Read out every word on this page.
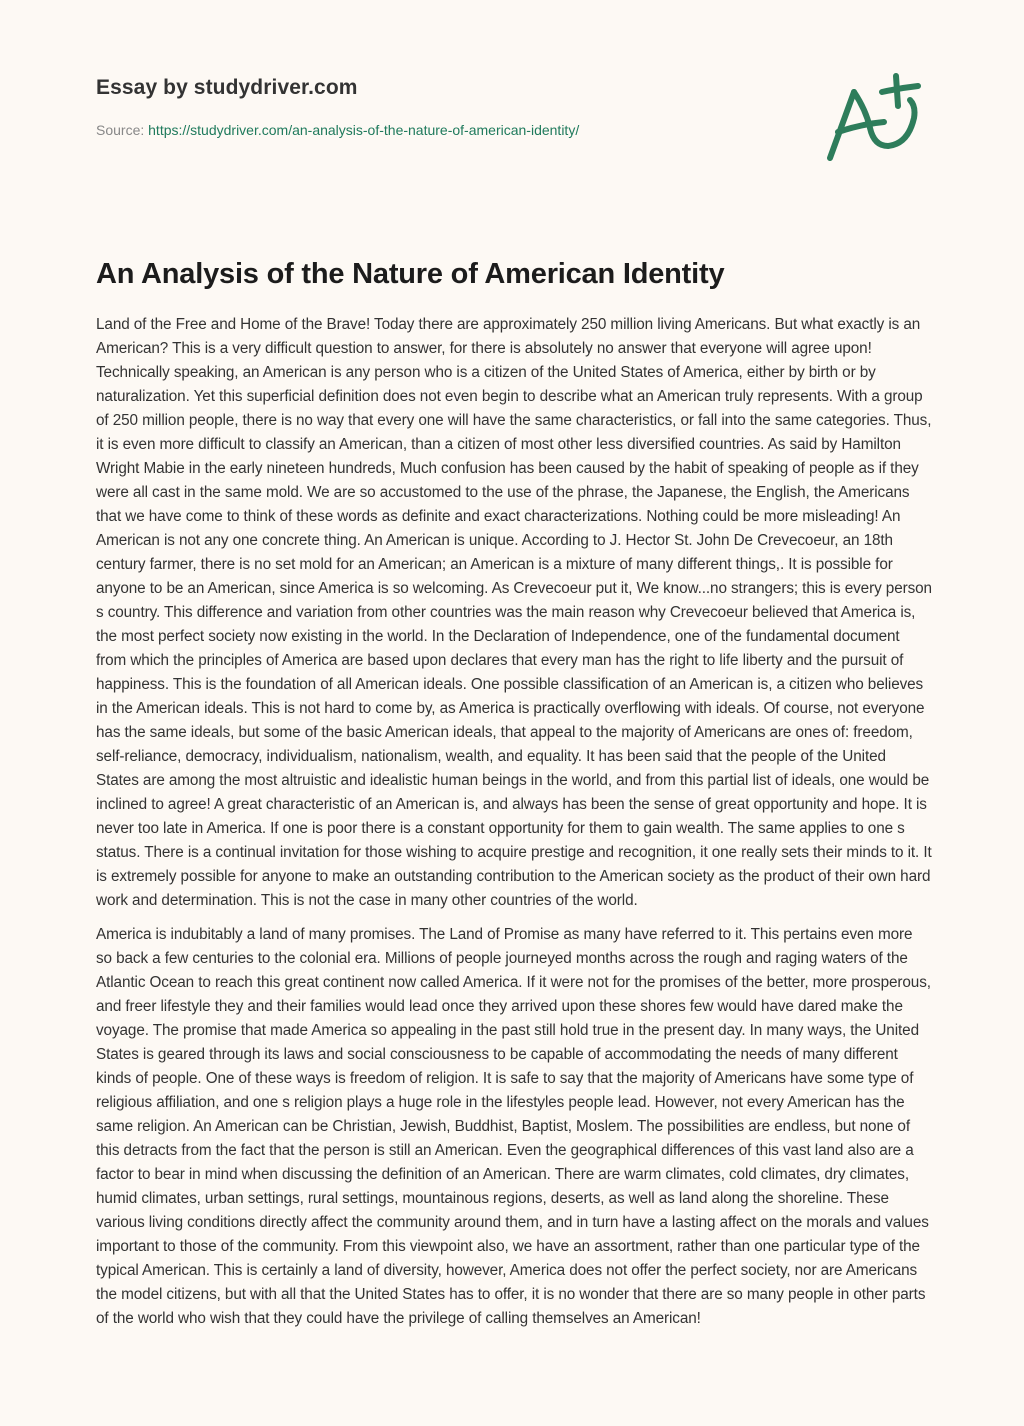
Essay by studydriver.com
Source: https://studydriver.com/an-analysis-of-the-nature-of-american-identity/
An Analysis of the Nature of American Identity

Land of the Free and Home of the Brave! Today there are approximately 250 million living Americans. But what exactly is an American? This is a very difficult question to answer, for there is absolutely no answer that everyone will agree upon! Technically speaking, an American is any person who is a citizen of the United States of America, either by birth or by naturalization. Yet this superficial definition does not even begin to describe what an American truly represents. With a group of 250 million people, there is no way that every one will have the same characteristics, or fall into the same categories. Thus, it is even more difficult to classify an American, than a citizen of most other less diversified countries. As said by Hamilton Wright Mabie in the early nineteen hundreds, Much confusion has been caused by the habit of speaking of people as if they were all cast in the same mold. We are so accustomed to the use of the phrase, the Japanese, the English, the Americans that we have come to think of these words as definite and exact characterizations. Nothing could be more misleading! An American is not any one concrete thing. An American is unique. According to J. Hector St. John De Crevecoeur, an 18th century farmer, there is no set mold for an American; an American is a mixture of many different things,. It is possible for anyone to be an American, since America is so welcoming. As Crevecoeur put it, We know...no strangers; this is every person s country. This difference and variation from other countries was the main reason why Crevecoeur believed that America is, the most perfect society now existing in the world. In the Declaration of Independence, one of the fundamental document from which the principles of America are based upon declares that every man has the right to life liberty and the pursuit of happiness. This is the foundation of all American ideals. One possible classification of an American is, a citizen who believes in the American ideals. This is not hard to come by, as America is practically overflowing with ideals. Of course, not everyone has the same ideals, but some of the basic American ideals, that appeal to the majority of Americans are ones of: freedom, self-reliance, democracy, individualism, nationalism, wealth, and equality. It has been said that the people of the United States are among the most altruistic and idealistic human beings in the world, and from this partial list of ideals, one would be inclined to agree! A great characteristic of an American is, and always has been the sense of great opportunity and hope. It is never too late in America. If one is poor there is a constant opportunity for them to gain wealth. The same applies to one s status. There is a continual invitation for those wishing to acquire prestige and recognition, it one really sets their minds to it. It is extremely possible for anyone to make an outstanding contribution to the American society as the product of their own hard work and determination. This is not the case in many other countries of the world.

America is indubitably a land of many promises. The Land of Promise as many have referred to it. This pertains even more so back a few centuries to the colonial era. Millions of people journeyed months across the rough and raging waters of the Atlantic Ocean to reach this great continent now called America. If it were not for the promises of the better, more prosperous, and freer lifestyle they and their families would lead once they arrived upon these shores few would have dared make the voyage. The promise that made America so appealing in the past still hold true in the present day. In many ways, the United States is geared through its laws and social consciousness to be capable of accommodating the needs of many different kinds of people. One of these ways is freedom of religion. It is safe to say that the majority of Americans have some type of religious affiliation, and one s religion plays a huge role in the lifestyles people lead. However, not every American has the same religion. An American can be Christian, Jewish, Buddhist, Baptist, Moslem. The possibilities are endless, but none of this detracts from the fact that the person is still an American. Even the geographical differences of this vast land also are a factor to bear in mind when discussing the definition of an American. There are warm climates, cold climates, dry climates, humid climates, urban settings, rural settings, mountainous regions, deserts, as well as land along the shoreline. These various living conditions directly affect the community around them, and in turn have a lasting affect on the morals and values important to those of the community. From this viewpoint also, we have an assortment, rather than one particular type of the typical American. This is certainly a land of diversity, however, America does not offer the perfect society, nor are Americans the model citizens, but with all that the United States has to offer, it is no wonder that there are so many people in other parts of the world who wish that they could have the privilege of calling themselves an American!
